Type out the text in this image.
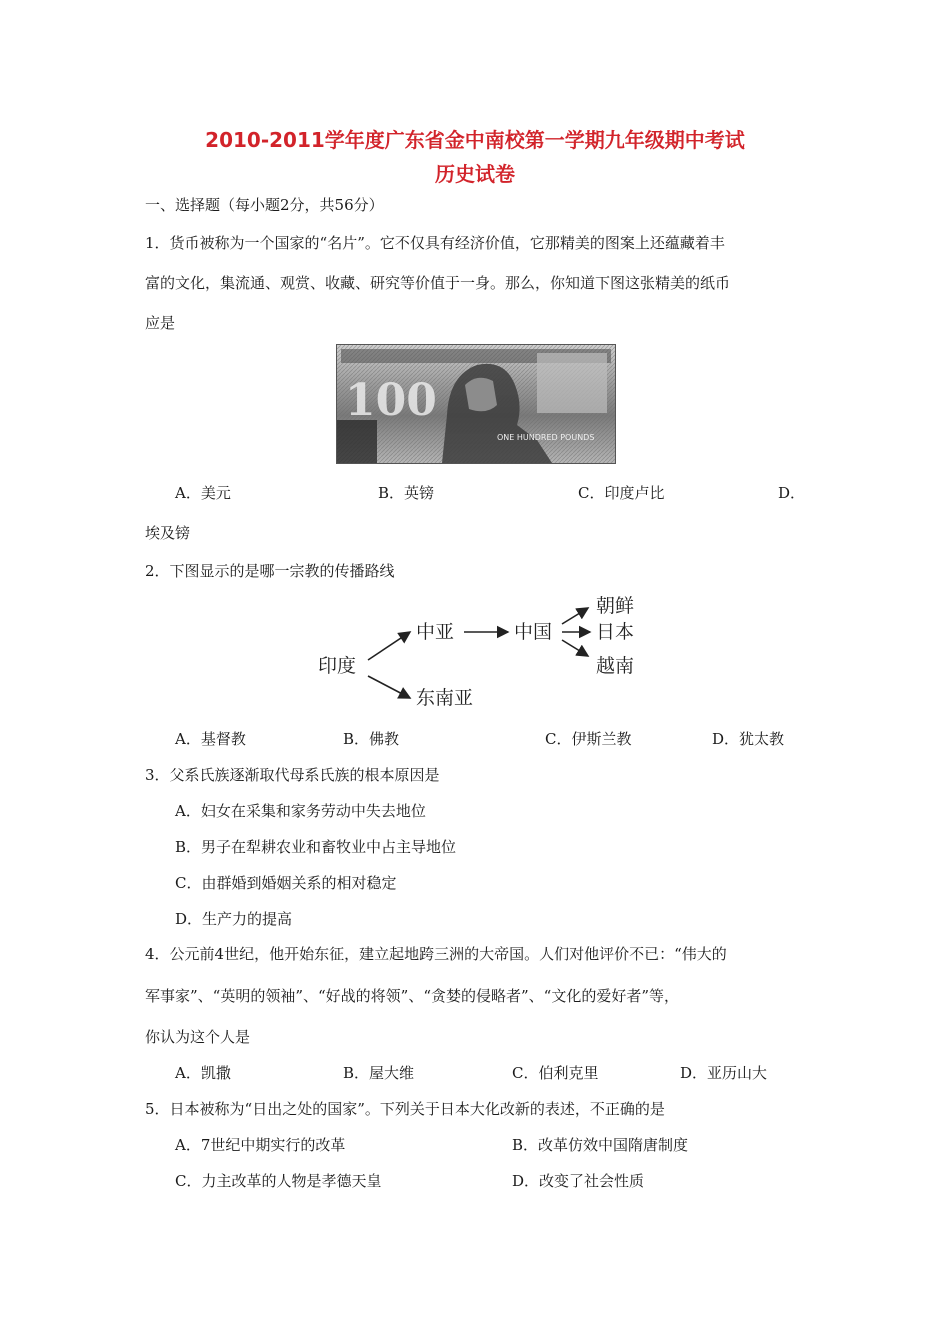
2010-2011学年度广东省金中南校第一学期九年级期中考试
历史试卷
一、选择题（每小题2分，共56分）
1．货币被称为一个国家的“名片”。它不仅具有经济价值，它那精美的图案上还蕴藏着丰
富的文化，集流通、观赏、收藏、研究等价值于一身。那么，你知道下图这张精美的纸币
应是
100
ONE HUNDRED POUNDS
A．美元	B．英镑	C．印度卢比	D．
埃及镑
2．下图显示的是哪一宗教的传播路线
印度
中亚	中国
朝鲜
日本
越南
东南亚
A．基督教	B．佛教	C．伊斯兰教	D．犹太教
3．父系氏族逐渐取代母系氏族的根本原因是
A．妇女在采集和家务劳动中失去地位
B．男子在犁耕农业和畜牧业中占主导地位
C．由群婚到婚姻关系的相对稳定
D．生产力的提高
4．公元前4世纪，他开始东征，建立起地跨三洲的大帝国。人们对他评价不已：“伟大的
军事家”、“英明的领袖”、“好战的将领”、“贪婪的侵略者”、“文化的爱好者”等，
你认为这个人是
A．凯撒	B．屋大维	C．伯利克里	D．亚历山大
5．日本被称为“日出之处的国家”。下列关于日本大化改新的表述，不正确的是
A．7世纪中期实行的改革	B．改革仿效中国隋唐制度
C．力主改革的人物是孝德天皇	D．改变了社会性质
